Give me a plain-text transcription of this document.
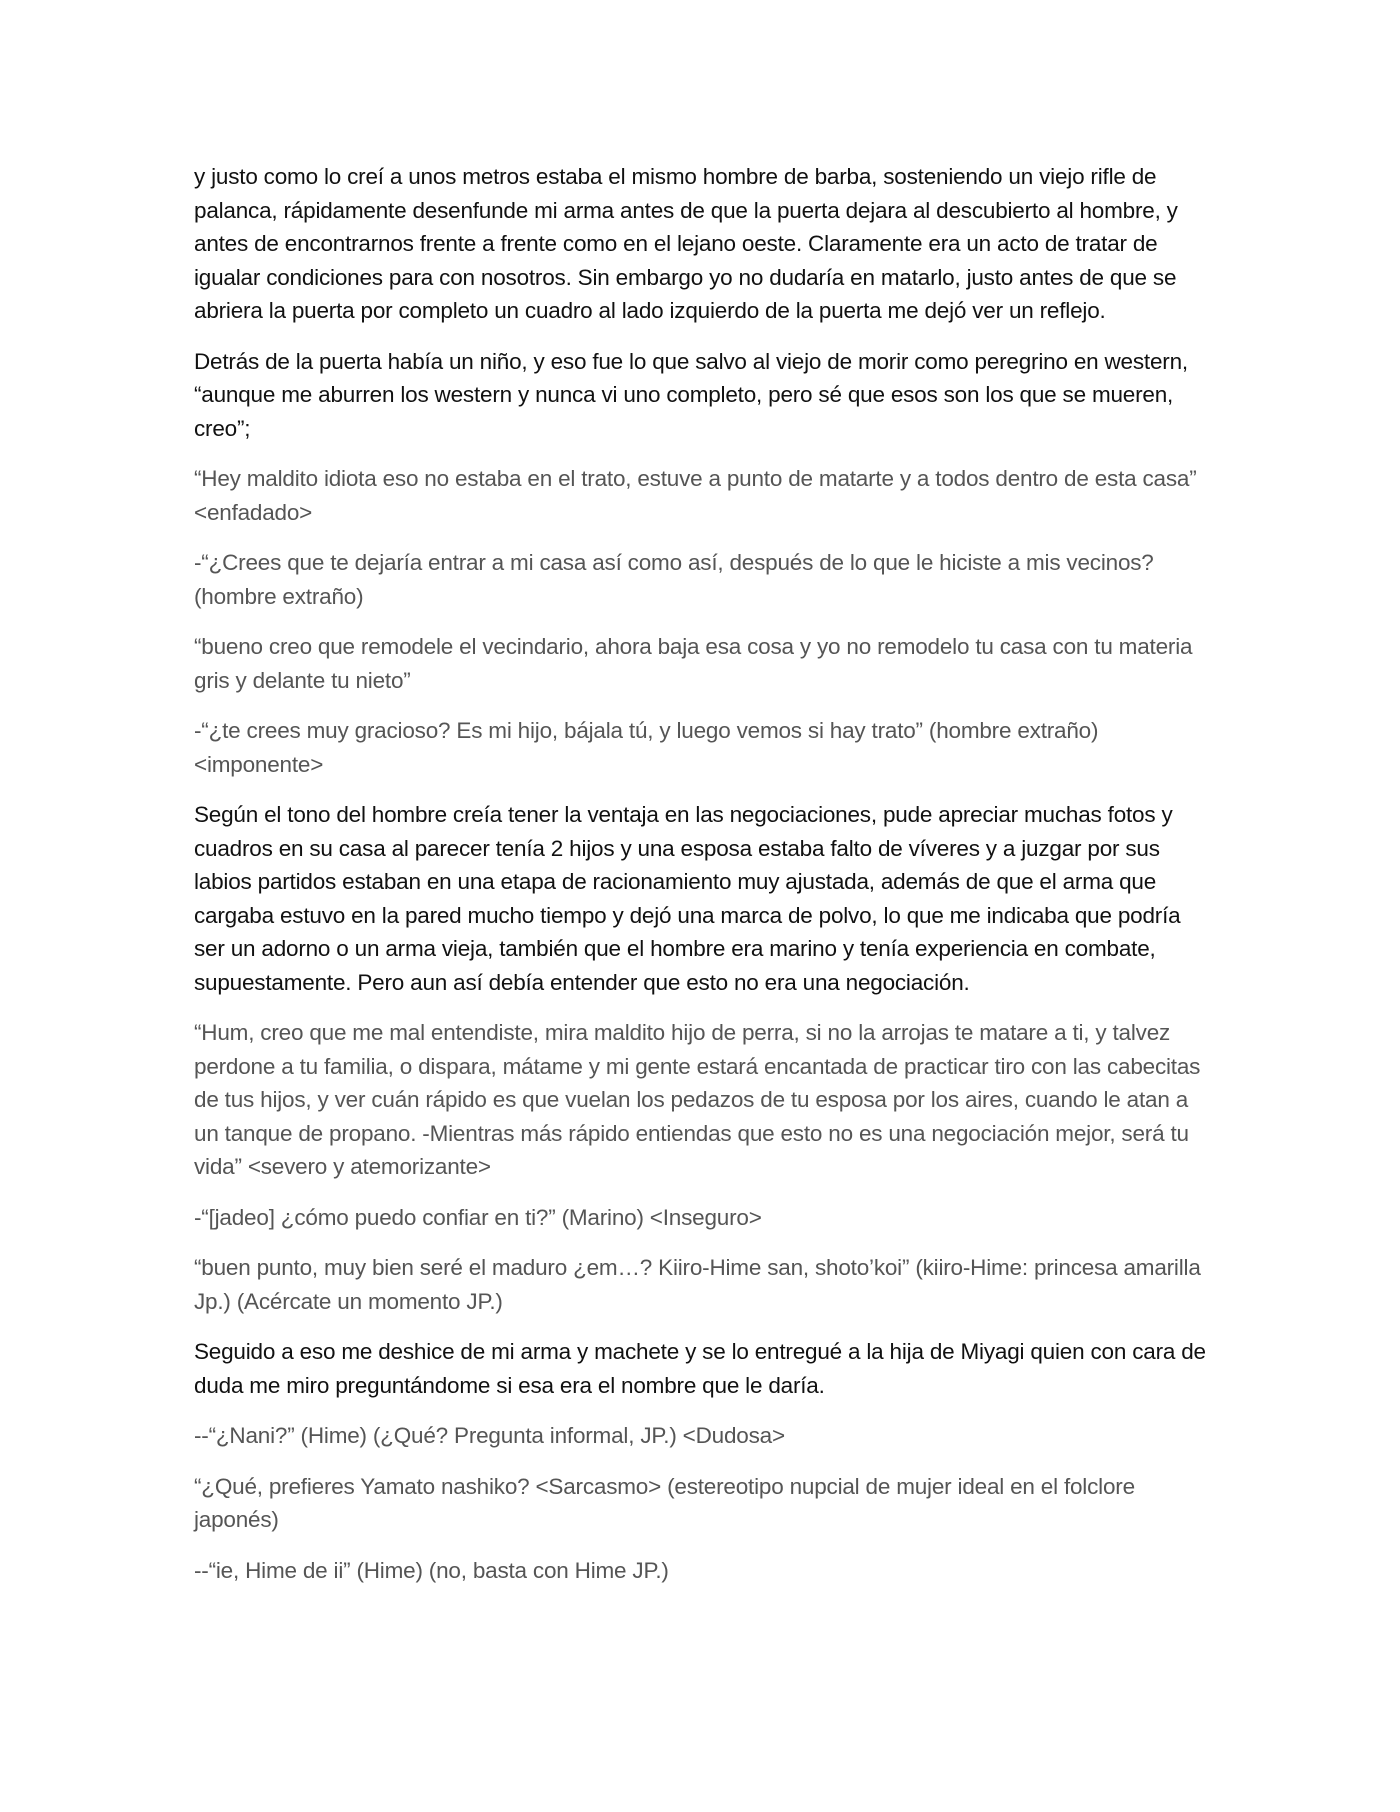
y justo como lo creí a unos metros estaba el mismo hombre de barba, sosteniendo un viejo rifle de palanca, rápidamente desenfunde mi arma antes de que la puerta dejara al descubierto al hombre, y antes de encontrarnos frente a frente como en el lejano oeste. Claramente era un acto de tratar de igualar condiciones para con nosotros. Sin embargo yo no dudaría en matarlo, justo antes de que se abriera la puerta por completo un cuadro al lado izquierdo de la puerta me dejó ver un reflejo.

Detrás de la puerta había un niño, y eso fue lo que salvo al viejo de morir como peregrino en western, “aunque me aburren los western y nunca vi uno completo, pero sé que esos son los que se mueren, creo”;

“Hey maldito idiota eso no estaba en el trato, estuve a punto de matarte y a todos dentro de esta casa” <enfadado>

-“¿Crees que te dejaría entrar a mi casa así como así, después de lo que le hiciste a mis vecinos? (hombre extraño)

“bueno creo que remodele el vecindario, ahora baja esa cosa y yo no remodelo tu casa con tu materia gris y delante tu nieto”

-“¿te crees muy gracioso? Es mi hijo, bájala tú, y luego vemos si hay trato” (hombre extraño) <imponente>

Según el tono del hombre creía tener la ventaja en las negociaciones, pude apreciar muchas fotos y cuadros en su casa al parecer tenía 2 hijos y una esposa estaba falto de víveres y a juzgar por sus labios partidos estaban en una etapa de racionamiento muy ajustada, además de que el arma que cargaba estuvo en la pared mucho tiempo y dejó una marca de polvo, lo que me indicaba que podría ser un adorno o un arma vieja, también que el hombre era marino y tenía experiencia en combate, supuestamente. Pero aun así debía entender que esto no era una negociación.

“Hum, creo que me mal entendiste, mira maldito hijo de perra, si no la arrojas te matare a ti, y talvez perdone a tu familia, o dispara, mátame y mi gente estará encantada de practicar tiro con las cabecitas de tus hijos, y ver cuán rápido es que vuelan los pedazos de tu esposa por los aires, cuando le atan a un tanque de propano. -Mientras más rápido entiendas que esto no es una negociación mejor, será tu vida” <severo y atemorizante>

-“[jadeo] ¿cómo puedo confiar en ti?” (Marino) <Inseguro>

“buen punto, muy bien seré el maduro ¿em…? Kiiro-Hime san, shoto’koi” (kiiro-Hime: princesa amarilla Jp.) (Acércate un momento JP.)

Seguido a eso me deshice de mi arma y machete y se lo entregué a la hija de Miyagi quien con cara de duda me miro preguntándome si esa era el nombre que le daría.

--“¿Nani?” (Hime) (¿Qué? Pregunta informal, JP.) <Dudosa>

“¿Qué, prefieres Yamato nashiko? <Sarcasmo> (estereotipo nupcial de mujer ideal en el folclore japonés)

--“ie, Hime de ii” (Hime) (no, basta con Hime JP.)
